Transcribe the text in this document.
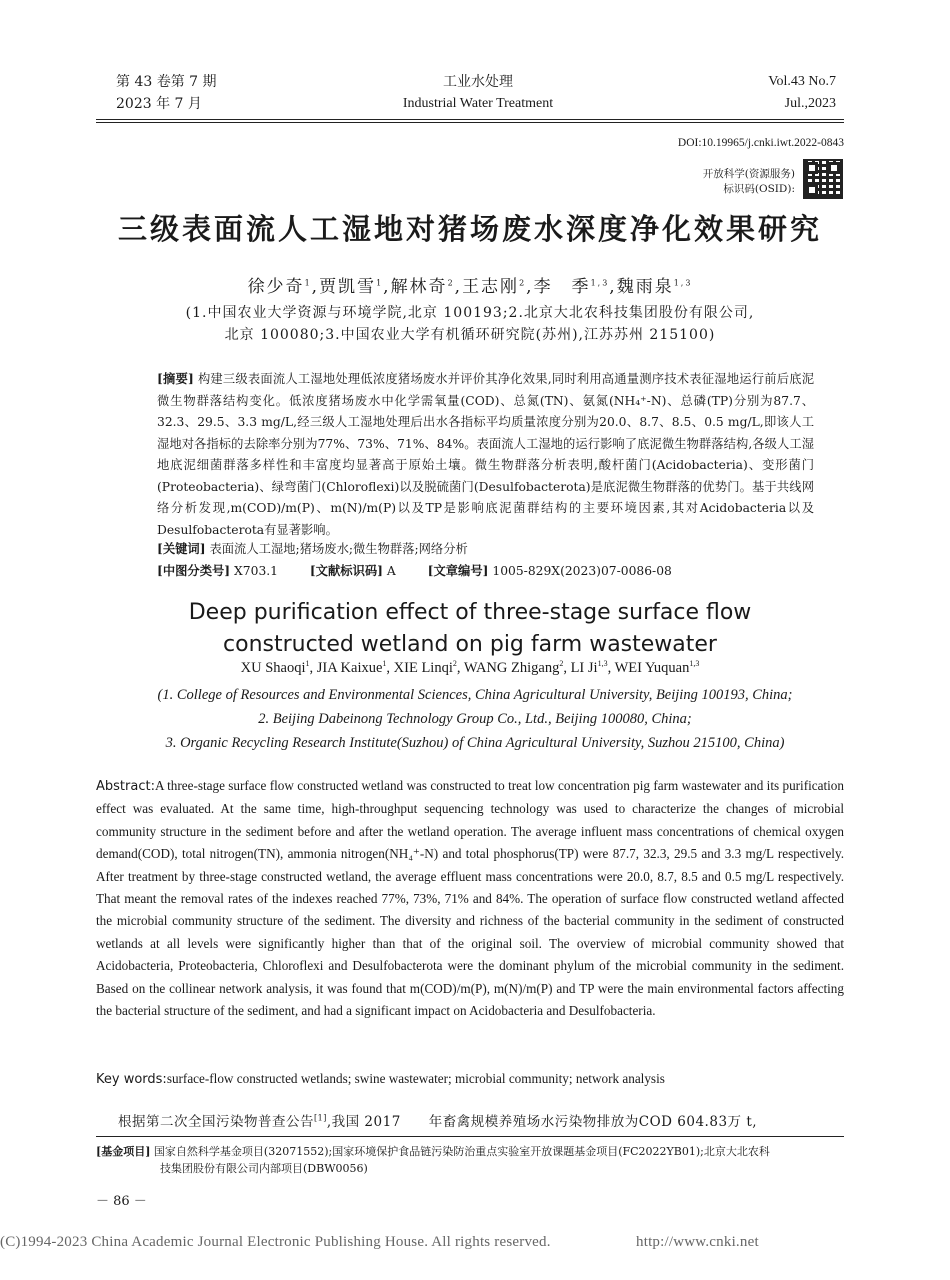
第 43 卷第 7 期
2023 年 7 月
工业水处理
Industrial Water Treatment
Vol.43 No.7
Jul.,2023
DOI:10.19965/j.cnki.iwt.2022-0843
开放科学(资源服务)
标识码(OSID):
三级表面流人工湿地对猪场废水深度净化效果研究
徐少奇$^1$,贾凯雪$^1$,解林奇$^2$,王志刚$^2$,李　季$^{1,3}$,魏雨泉$^{1,3}$
(1.中国农业大学资源与环境学院,北京 100193;2.北京大北农科技集团股份有限公司,
北京 100080;3.中国农业大学有机循环研究院(苏州),江苏苏州 215100)

[摘要] 构建三级表面流人工湿地处理低浓度猪场废水并评价其净化效果,同时利用高通量测序技术表征湿地运行前后底泥微生物群落结构变化。低浓度猪场废水中化学需氧量(COD)、总氮(TN)、氨氮(NH₄⁺-N)、总磷(TP)分别为87.7、32.3、29.5、3.3 mg/L,经三级人工湿地处理后出水各指标平均质量浓度分别为20.0、8.7、8.5、0.5 mg/L,即该人工湿地对各指标的去除率分别为77%、73%、71%、84%。表面流人工湿地的运行影响了底泥微生物群落结构,各级人工湿地底泥细菌群落多样性和丰富度均显著高于原始土壤。微生物群落分析表明,酸杆菌门(Acidobacteria)、变形菌门(Proteobacteria)、绿弯菌门(Chloroflexi)以及脱硫菌门(Desulfobacterota)是底泥微生物群落的优势门。基于共线网络分析发现,m(COD)/m(P)、m(N)/m(P)以及TP是影响底泥菌群结构的主要环境因素,其对Acidobacteria以及Desulfobacterota有显著影响。

[关键词] 表面流人工湿地;猪场废水;微生物群落;网络分析
[中图分类号] X703.1	[文献标识码] A	[文章编号] 1005-829X(2023)07-0086-08
Deep purification effect of three-stage surface flow
constructed wetland on pig farm wastewater
XU Shaoqi$^1$, JIA Kaixue$^1$, XIE Linqi$^2$, WANG Zhigang$^2$, LI Ji$^{1,3}$, WEI Yuquan$^{1,3}$
(1. College of Resources and Environmental Sciences, China Agricultural University, Beijing 100193, China;
2. Beijing Dabeinong Technology Group Co., Ltd., Beijing 100080, China;
3. Organic Recycling Research Institute(Suzhou) of China Agricultural University, Suzhou 215100, China)

Abstract:A three-stage surface flow constructed wetland was constructed to treat low concentration pig farm wastewater and its purification effect was evaluated. At the same time, high-throughput sequencing technology was used to characterize the changes of microbial community structure in the sediment before and after the wetland operation. The average influent mass concentrations of chemical oxygen demand(COD), total nitrogen(TN), ammonia nitrogen(NH₄⁺-N) and total phosphorus(TP) were 87.7, 32.3, 29.5 and 3.3 mg/L respectively. After treatment by three-stage constructed wetland, the average effluent mass concentrations were 20.0, 8.7, 8.5 and 0.5 mg/L respectively. That meant the removal rates of the indexes reached 77%, 73%, 71% and 84%. The operation of surface flow constructed wetland affected the microbial community structure of the sediment. The diversity and richness of the bacterial community in the sediment of constructed wetlands at all levels were significantly higher than that of the original soil. The overview of microbial community showed that Acidobacteria, Proteobacteria, Chloroflexi and Desulfobacterota were the dominant phylum of the microbial community in the sediment. Based on the collinear network analysis, it was found that m(COD)/m(P), m(N)/m(P) and TP were the main environmental factors affecting the bacterial structure of the sediment, and had a significant impact on Acidobacteria and Desulfobacteria.

Key words:surface-flow constructed wetlands; swine wastewater; microbial community; network analysis
根据第二次全国污染物普查公告[1],我国 2017　　年畜禽规模养殖场水污染物排放为COD 604.83万 t,
[基金项目] 国家自然科学基金项目(32071552);国家环境保护食品链污染防治重点实验室开放课题基金项目(FC2022YB01);北京大北农科
技集团股份有限公司内部项目(DBW0056)
－ 86 －
(C)1994-2023 China Academic Journal Electronic Publishing House. All rights reserved.	http://www.cnki.net
